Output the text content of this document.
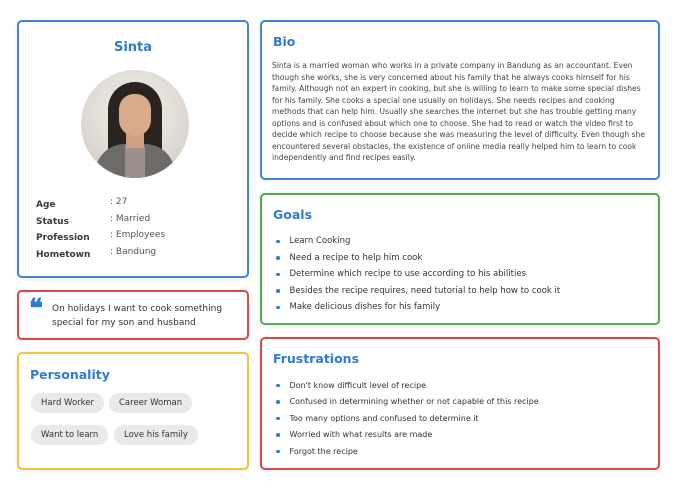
Sinta
Age	: 27
Status	: Married
Profession	: Employees
Hometown	: Bandung
❝ On holidays I want to cook something special for my son and husband
Personality
Hard Worker	Career Woman
Want to learn	Love his family
Bio
Sinta is a married woman who works in a private company in Bandung as an accountant. Even though she works, she is very concerned about his family that he always cooks himself for his family. Although not an expert in cooking, but she is willing to learn to make some special dishes for his family. She cooks a special one usually on holidays. She needs recipes and cooking methods that can help him. Usually she searches the internet but she has trouble getting many options and is confused about which one to choose. She had to read or watch the video first to decide which recipe to choose because she was measuring the level of difficulty. Even though she encountered several obstacles, the existence of online media really helped him to learn to cook independently and find recipes easily.
Goals
Learn Cooking
Need a recipe to help him cook
Determine which recipe to use according to his abilities
Besides the recipe requires, need tutorial to help how to cook it
Make delicious dishes for his family
Frustrations
Don't know difficult level of recipe
Confused in determining whether or not capable of this recipe
Too many options and confused to determine it
Worried with what results are made
Forgot the recipe
